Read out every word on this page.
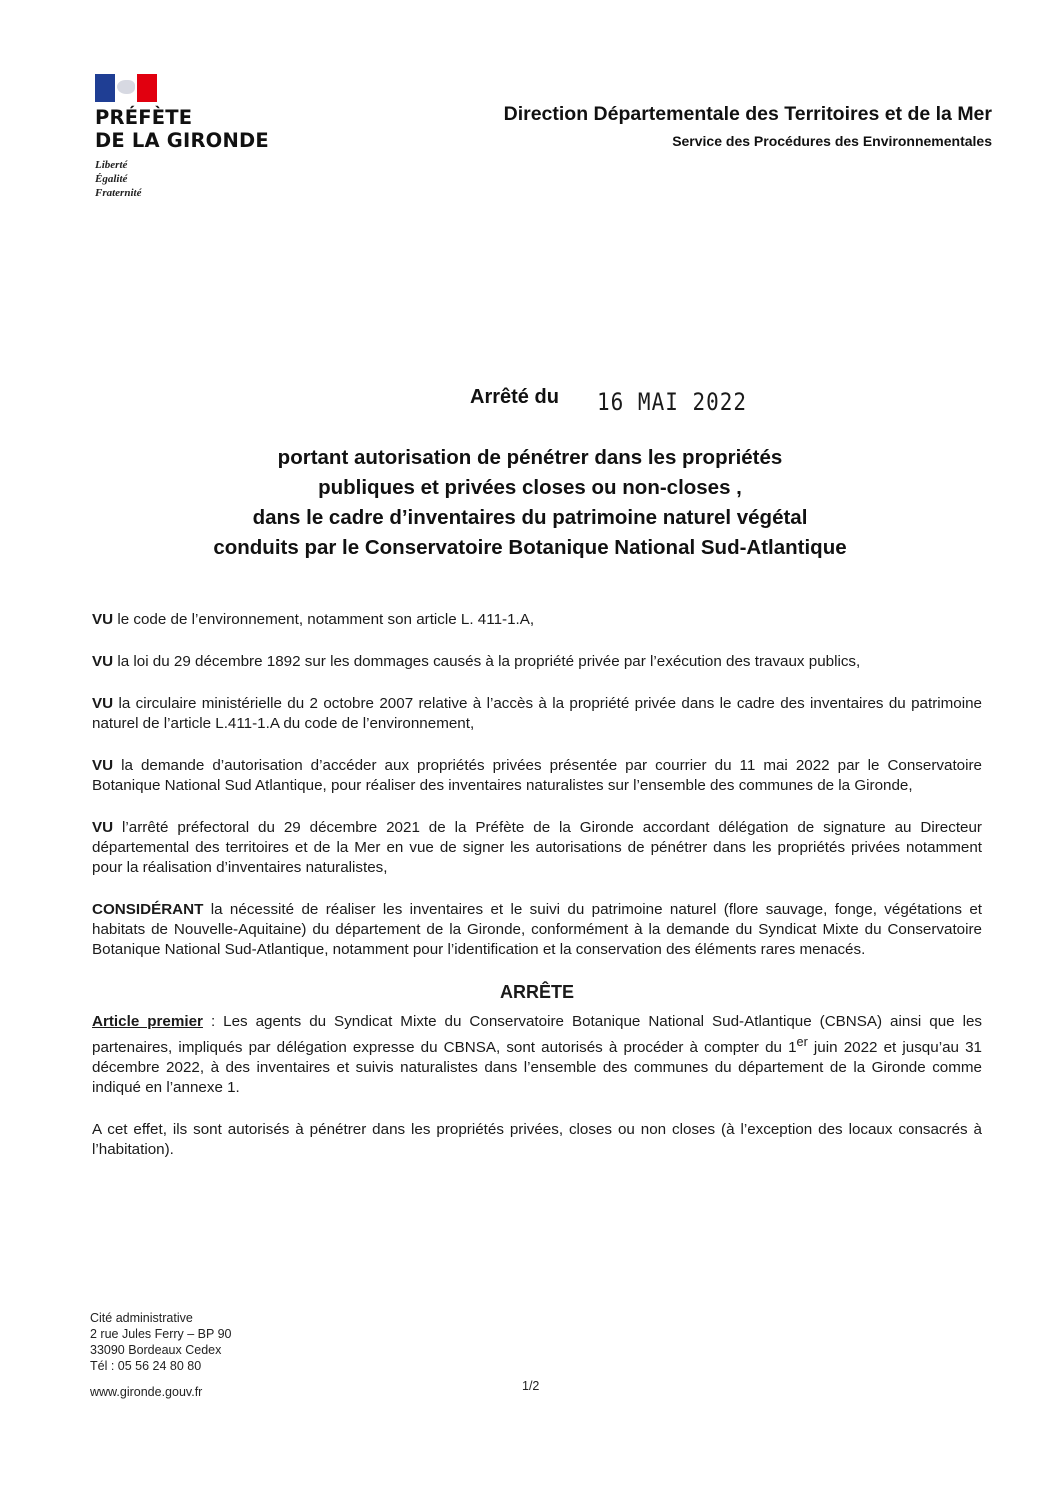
PRÉFÈTE
DE LA GIRONDE
Liberté
Égalité
Fraternité
Direction Départementale des Territoires et de la Mer
Service des Procédures des Environnementales
Arrêté du 16 MAI 2022
portant autorisation de pénétrer dans les propriétés
publiques et privées closes ou non-closes ,
dans le cadre d’inventaires du patrimoine naturel végétal
conduits par le Conservatoire Botanique National Sud-Atlantique

VU le code de l’environnement, notamment son article L. 411-1.A,

VU la loi du 29 décembre 1892 sur les dommages causés à la propriété privée par l’exécution des travaux publics,

VU la circulaire ministérielle du 2 octobre 2007 relative à l’accès à la propriété privée dans le cadre des inventaires du patrimoine naturel de l’article L.411-1.A du code de l’environnement,

VU la demande d’autorisation d’accéder aux propriétés privées présentée par courrier du 11 mai 2022 par le Conservatoire Botanique National Sud Atlantique, pour réaliser des inventaires naturalistes sur l’ensemble des communes de la Gironde,

VU l’arrêté préfectoral du 29 décembre 2021 de la Préfète de la Gironde accordant délégation de signature au Directeur départemental des territoires et de la Mer en vue de signer les autorisations de pénétrer dans les propriétés privées notamment pour la réalisation d’inventaires naturalistes,

CONSIDÉRANT la nécessité de réaliser les inventaires et le suivi du patrimoine naturel (flore sauvage, fonge, végétations et habitats de Nouvelle-Aquitaine) du département de la Gironde, conformément à la demande du Syndicat Mixte du Conservatoire Botanique National Sud-Atlantique, notamment pour l’identification et la conservation des éléments rares menacés.

ARRÊTE

Article premier : Les agents du Syndicat Mixte du Conservatoire Botanique National Sud-Atlantique (CBNSA) ainsi que les partenaires, impliqués par délégation expresse du CBNSA, sont autorisés à procéder à compter du 1er juin 2022 et jusqu’au 31 décembre 2022, à des inventaires et suivis naturalistes dans l’ensemble des communes du département de la Gironde comme indiqué en l’annexe 1.

A cet effet, ils sont autorisés à pénétrer dans les propriétés privées, closes ou non closes (à l’exception des locaux consacrés à l’habitation).

Cité administrative
2 rue Jules Ferry – BP 90
33090 Bordeaux Cedex
Tél : 05 56 24 80 80
www.gironde.gouv.fr	1/2
